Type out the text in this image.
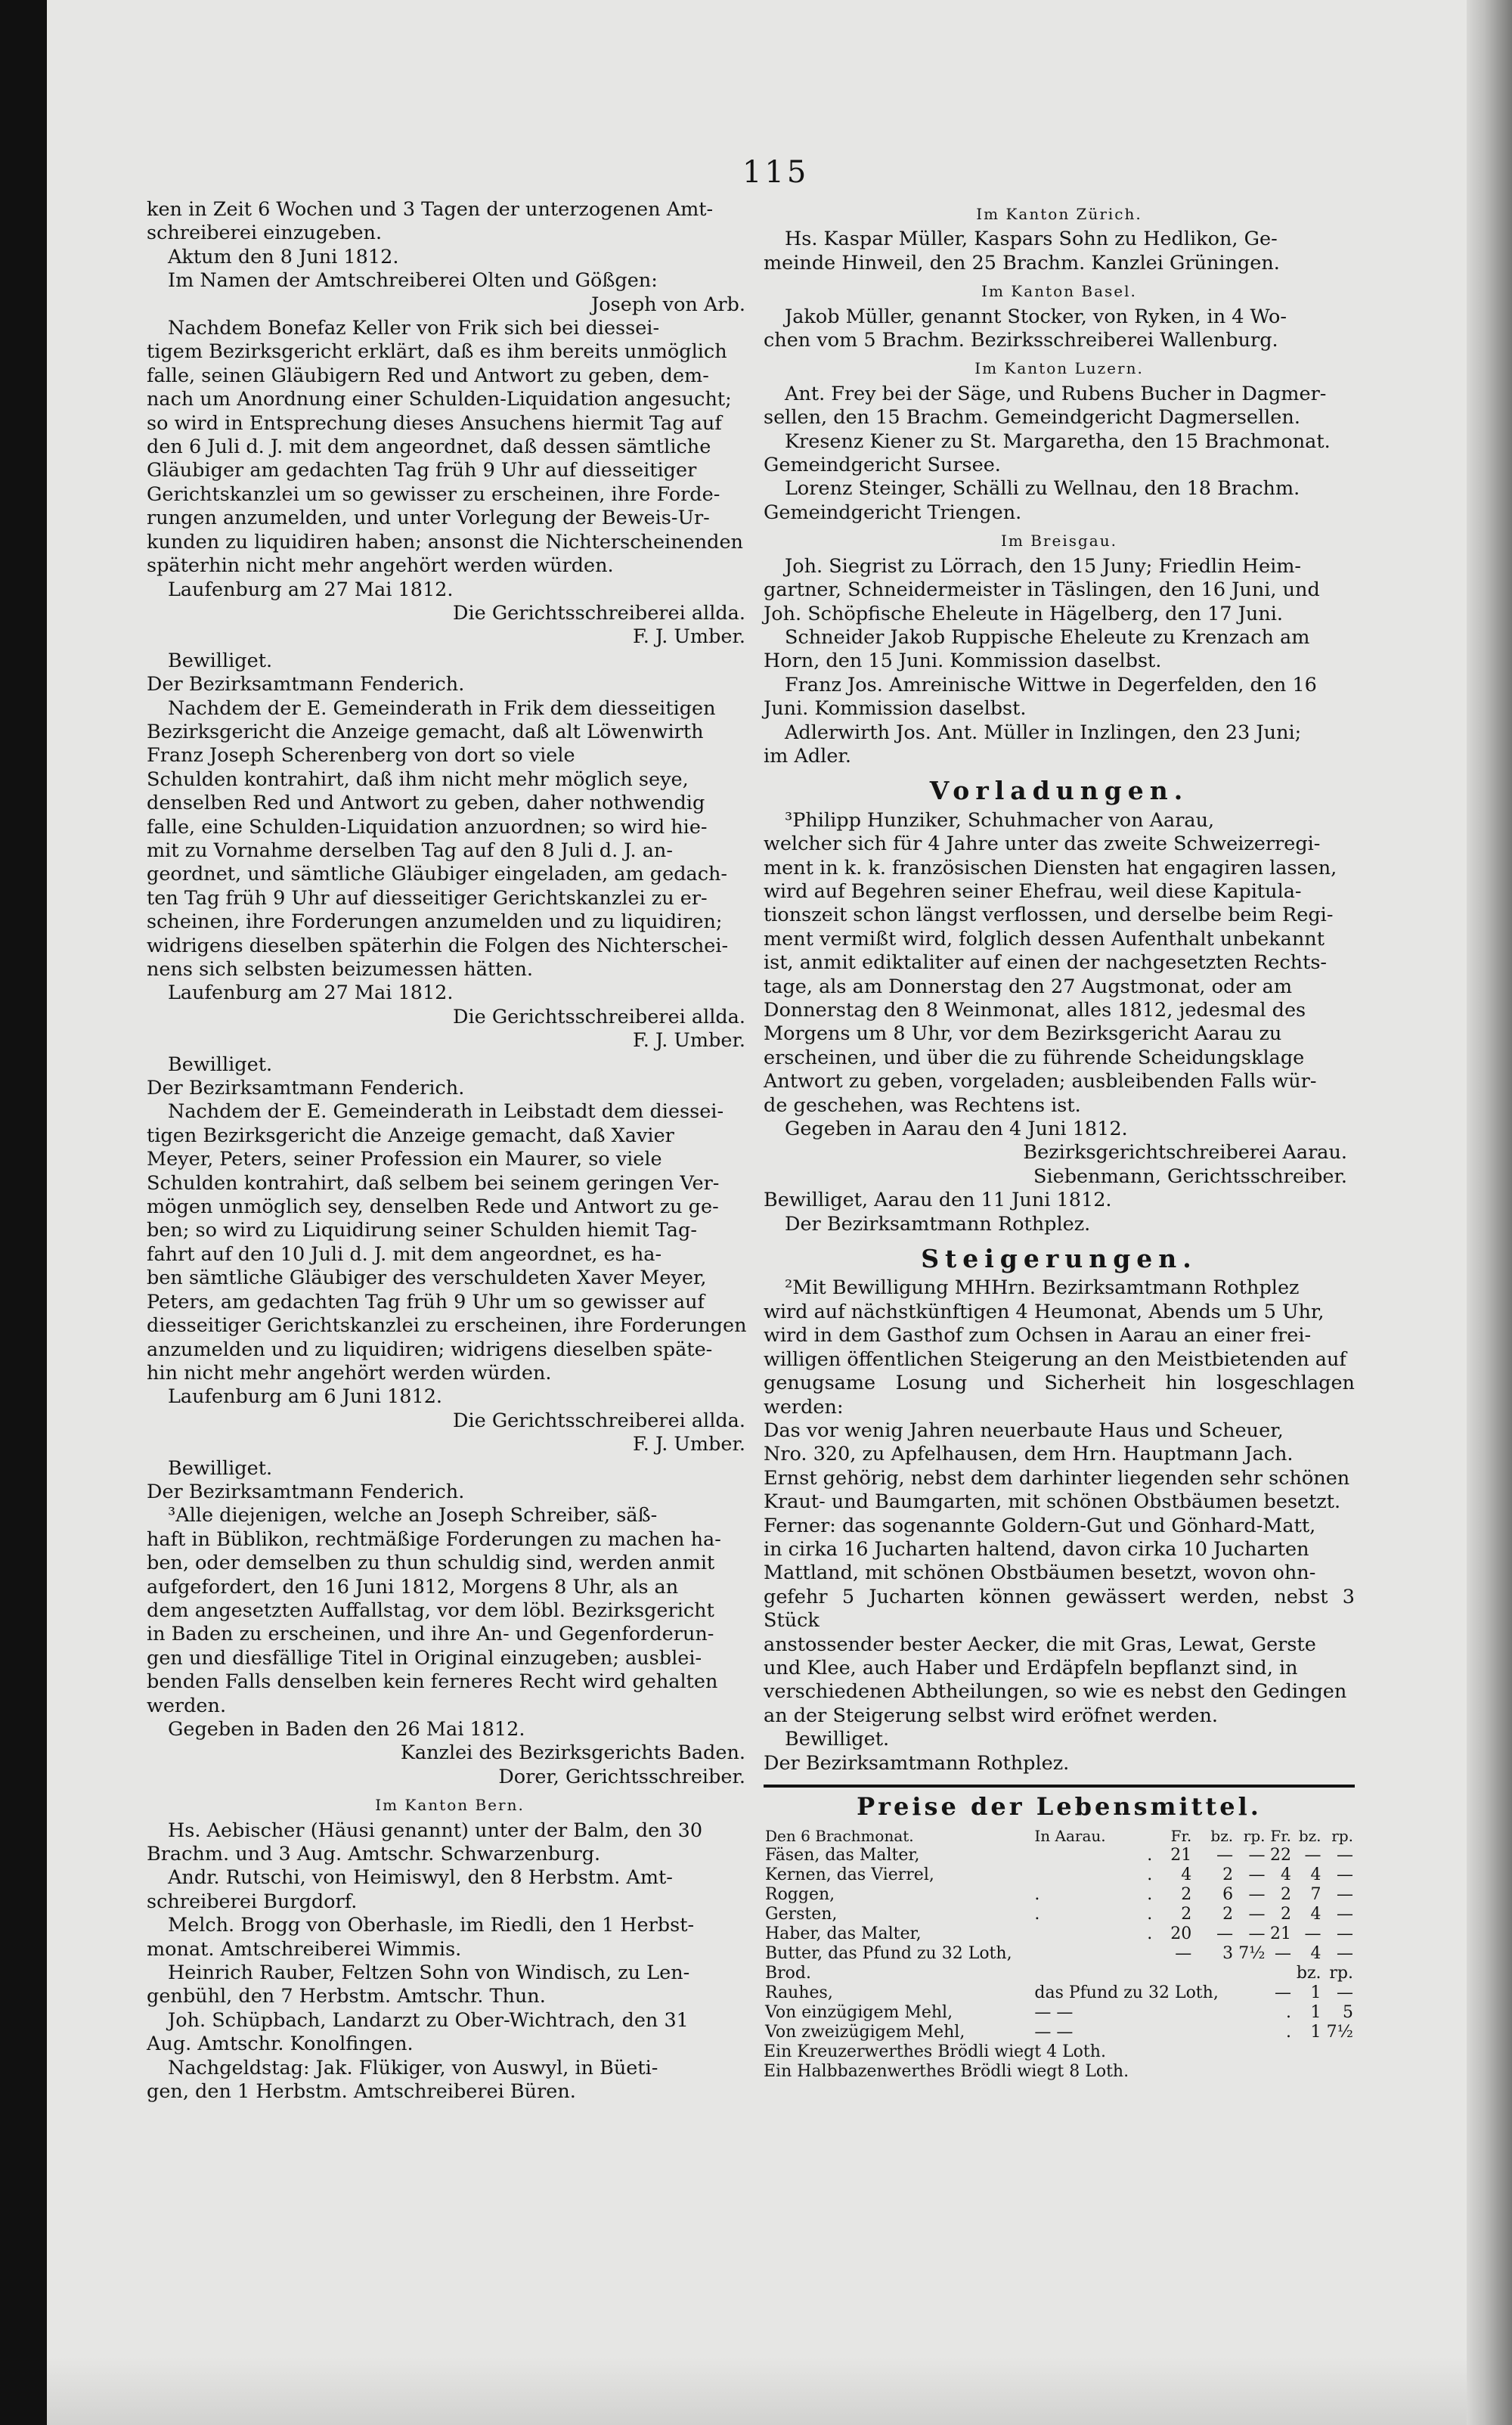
115

ken in Zeit 6 Wochen und 3 Tagen der unterzogenen Amt-

schreiberei einzugeben.

Aktum den 8 Juni 1812.

Im Namen der Amtschreiberei Olten und Gößgen:

Joseph von Arb.

Nachdem Bonefaz Keller von Frik sich bei diessei-

tigem Bezirksgericht erklärt, daß es ihm bereits unmöglich

falle, seinen Gläubigern Red und Antwort zu geben, dem-

nach um Anordnung einer Schulden-Liquidation angesucht;

so wird in Entsprechung dieses Ansuchens hiermit Tag auf

den 6 Juli d. J. mit dem angeordnet, daß dessen sämtliche

Gläubiger am gedachten Tag früh 9 Uhr auf diesseitiger

Gerichtskanzlei um so gewisser zu erscheinen, ihre Forde-

rungen anzumelden, und unter Vorlegung der Beweis-Ur-

kunden zu liquidiren haben; ansonst die Nichterscheinenden

späterhin nicht mehr angehört werden würden.

Laufenburg am 27 Mai 1812.

Die Gerichtsschreiberei allda.

F. J. Umber.

Bewilliget.

Der Bezirksamtmann Fenderich.

Nachdem der E. Gemeinderath in Frik dem diesseitigen

Bezirksgericht die Anzeige gemacht, daß alt Löwenwirth

Franz Joseph Scherenberg von dort so viele

Schulden kontrahirt, daß ihm nicht mehr möglich seye,

denselben Red und Antwort zu geben, daher nothwendig

falle, eine Schulden-Liquidation anzuordnen; so wird hie-

mit zu Vornahme derselben Tag auf den 8 Juli d. J. an-

geordnet, und sämtliche Gläubiger eingeladen, am gedach-

ten Tag früh 9 Uhr auf diesseitiger Gerichtskanzlei zu er-

scheinen, ihre Forderungen anzumelden und zu liquidiren;

widrigens dieselben späterhin die Folgen des Nichterschei-

nens sich selbsten beizumessen hätten.

Laufenburg am 27 Mai 1812.

Die Gerichtsschreiberei allda.

F. J. Umber.

Bewilliget.

Der Bezirksamtmann Fenderich.

Nachdem der E. Gemeinderath in Leibstadt dem diessei-

tigen Bezirksgericht die Anzeige gemacht, daß Xavier

Meyer, Peters, seiner Profession ein Maurer, so viele

Schulden kontrahirt, daß selbem bei seinem geringen Ver-

mögen unmöglich sey, denselben Rede und Antwort zu ge-

ben; so wird zu Liquidirung seiner Schulden hiemit Tag-

fahrt auf den 10 Juli d. J. mit dem angeordnet, es ha-

ben sämtliche Gläubiger des verschuldeten Xaver Meyer,

Peters, am gedachten Tag früh 9 Uhr um so gewisser auf

diesseitiger Gerichtskanzlei zu erscheinen, ihre Forderungen

anzumelden und zu liquidiren; widrigens dieselben späte-

hin nicht mehr angehört werden würden.

Laufenburg am 6 Juni 1812.

Die Gerichtsschreiberei allda.

F. J. Umber.

Bewilliget.

Der Bezirksamtmann Fenderich.

³Alle diejenigen, welche an Joseph Schreiber, säß-

haft in Büblikon, rechtmäßige Forderungen zu machen ha-

ben, oder demselben zu thun schuldig sind, werden anmit

aufgefordert, den 16 Juni 1812, Morgens 8 Uhr, als an

dem angesetzten Auffallstag, vor dem löbl. Bezirksgericht

in Baden zu erscheinen, und ihre An- und Gegenforderun-

gen und diesfällige Titel in Original einzugeben; ausblei-

benden Falls denselben kein ferneres Recht wird gehalten

werden.

Gegeben in Baden den 26 Mai 1812.

Kanzlei des Bezirksgerichts Baden.

Dorer, Gerichtsschreiber.

Im Kanton Bern.

Hs. Aebischer (Häusi genannt) unter der Balm, den 30

Brachm. und 3 Aug. Amtschr. Schwarzenburg.

Andr. Rutschi, von Heimiswyl, den 8 Herbstm. Amt-

schreiberei Burgdorf.

Melch. Brogg von Oberhasle, im Riedli, den 1 Herbst-

monat. Amtschreiberei Wimmis.

Heinrich Rauber, Feltzen Sohn von Windisch, zu Len-

genbühl, den 7 Herbstm. Amtschr. Thun.

Joh. Schüpbach, Landarzt zu Ober-Wichtrach, den 31

Aug. Amtschr. Konolfingen.

Nachgeldstag: Jak. Flükiger, von Auswyl, in Büeti-

gen, den 1 Herbstm. Amtschreiberei Büren.

Im Kanton Zürich.

Hs. Kaspar Müller, Kaspars Sohn zu Hedlikon, Ge-

meinde Hinweil, den 25 Brachm. Kanzlei Grüningen.

Im Kanton Basel.

Jakob Müller, genannt Stocker, von Ryken, in 4 Wo-

chen vom 5 Brachm. Bezirksschreiberei Wallenburg.

Im Kanton Luzern.

Ant. Frey bei der Säge, und Rubens Bucher in Dagmer-

sellen, den 15 Brachm. Gemeindgericht Dagmersellen.

Kresenz Kiener zu St. Margaretha, den 15 Brachmonat.

Gemeindgericht Sursee.

Lorenz Steinger, Schälli zu Wellnau, den 18 Brachm.

Gemeindgericht Triengen.

Im Breisgau.

Joh. Siegrist zu Lörrach, den 15 Juny; Friedlin Heim-

gartner, Schneidermeister in Täslingen, den 16 Juni, und

Joh. Schöpfische Eheleute in Hägelberg, den 17 Juni.

Schneider Jakob Ruppische Eheleute zu Krenzach am

Horn, den 15 Juni. Kommission daselbst.

Franz Jos. Amreinische Wittwe in Degerfelden, den 16

Juni. Kommission daselbst.

Adlerwirth Jos. Ant. Müller in Inzlingen, den 23 Juni;

im Adler.

Vorladungen.

³Philipp Hunziker, Schuhmacher von Aarau,

welcher sich für 4 Jahre unter das zweite Schweizerregi-

ment in k. k. französischen Diensten hat engagiren lassen,

wird auf Begehren seiner Ehefrau, weil diese Kapitula-

tionszeit schon längst verflossen, und derselbe beim Regi-

ment vermißt wird, folglich dessen Aufenthalt unbekannt

ist, anmit ediktaliter auf einen der nachgesetzten Rechts-

tage, als am Donnerstag den 27 Augstmonat, oder am

Donnerstag den 8 Weinmonat, alles 1812, jedesmal des

Morgens um 8 Uhr, vor dem Bezirksgericht Aarau zu

erscheinen, und über die zu führende Scheidungsklage

Antwort zu geben, vorgeladen; ausbleibenden Falls wür-

de geschehen, was Rechtens ist.

Gegeben in Aarau den 4 Juni 1812.

Bezirksgerichtschreiberei Aarau.

Siebenmann, Gerichtsschreiber.

Bewilliget, Aarau den 11 Juni 1812.

Der Bezirksamtmann Rothplez.

Steigerungen.

²Mit Bewilligung MHHrn. Bezirksamtmann Rothplez

wird auf nächstkünftigen 4 Heumonat, Abends um 5 Uhr,

wird in dem Gasthof zum Ochsen in Aarau an einer frei-

willigen öffentlichen Steigerung an den Meistbietenden auf

genugsame Losung und Sicherheit hin losgeschlagen werden:

Das vor wenig Jahren neuerbaute Haus und Scheuer,

Nro. 320, zu Apfelhausen, dem Hrn. Hauptmann Jach.

Ernst gehörig, nebst dem darhinter liegenden sehr schönen

Kraut- und Baumgarten, mit schönen Obstbäumen besetzt.

Ferner: das sogenannte Goldern-Gut und Gönhard-Matt,

in cirka 16 Jucharten haltend, davon cirka 10 Jucharten

Mattland, mit schönen Obstbäumen besetzt, wovon ohn-

gefehr 5 Jucharten können gewässert werden, nebst 3 Stück

anstossender bester Aecker, die mit Gras, Lewat, Gerste

und Klee, auch Haber und Erdäpfeln bepflanzt sind, in

verschiedenen Abtheilungen, so wie es nebst den Gedingen

an der Steigerung selbst wird eröfnet werden.

Bewilliget.

Der Bezirksamtmann Rothplez.

Preise der Lebensmittel.
Den 6 Brachmonat.	In Aarau.		Fr.	bz.	rp.	Fr.	bz.	rp.
Fäsen, das Malter,		.	21	—	—	22	—	—
Kernen, das Vierrel,		.	4	2	—	4	4	—
Roggen,	.	.	2	6	—	2	7	—
Gersten,	.	.	2	2	—	2	4	—
Haber, das Malter,		.	20	—	—	21	—	—
Butter, das Pfund zu 32 Loth,			—	3	7½	—	4	—
Brod.							bz.	rp.
Rauhes,	das Pfund zu 32 Loth,				—		1	—
Von einzügigem Mehl,	— —				.		1	5
Von zweizügigem Mehl,	— —				.		1	7½

Ein Kreuzerwerthes Brödli wiegt 4 Loth.

Ein Halbbazenwerthes Brödli wiegt 8 Loth.
